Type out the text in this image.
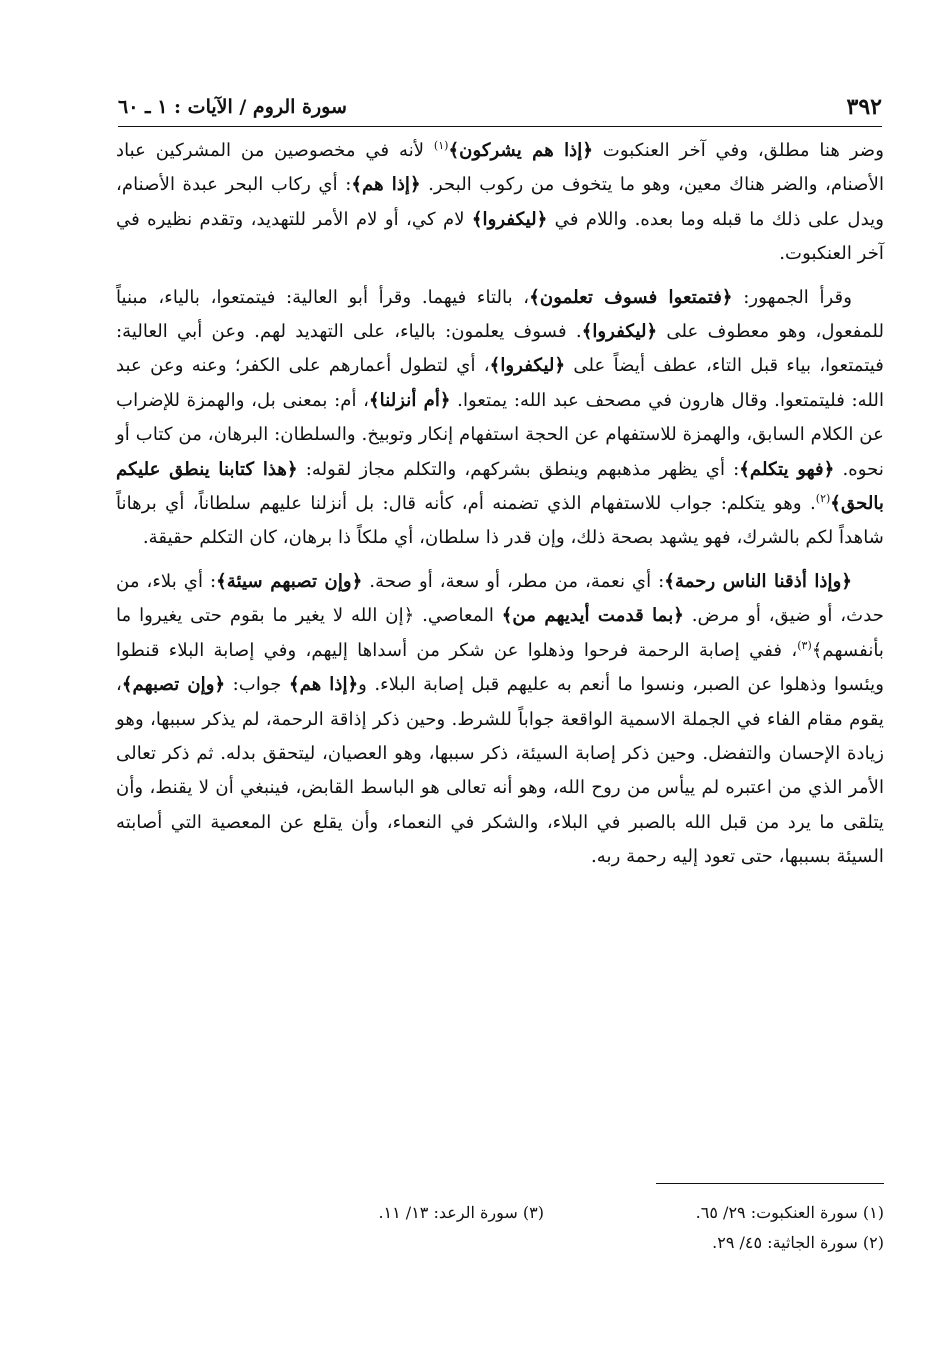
٣٩٢
سورة الروم / الآيات : ١ ـ ٦٠

وضر هنا مطلق، وفي آخر العنكبوت ﴿إذا هم يشركون﴾$^{(١)}$ لأنه في مخصوصين من المشركين عباد الأصنام، والضر هناك معين، وهو ما يتخوف من ركوب البحر. ﴿إذا هم﴾: أي ركاب البحر عبدة الأصنام، ويدل على ذلك ما قبله وما بعده. واللام في ﴿ليكفروا﴾ لام كي، أو لام الأمر للتهديد، وتقدم نظيره في آخر العنكبوت.

وقرأ الجمهور: ﴿فتمتعوا فسوف تعلمون﴾، بالتاء فيهما. وقرأ أبو العالية: فيتمتعوا، بالياء، مبنياً للمفعول، وهو معطوف على ﴿ليكفروا﴾. فسوف يعلمون: بالياء، على التهديد لهم. وعن أبي العالية: فيتمتعوا، بياء قبل التاء، عطف أيضاً على ﴿ليكفروا﴾، أي لتطول أعمارهم على الكفر؛ وعنه وعن عبد الله: فليتمتعوا. وقال هارون في مصحف عبد الله: يمتعوا. ﴿أم أنزلنا﴾، أم: بمعنى بل، والهمزة للإضراب عن الكلام السابق، والهمزة للاستفهام عن الحجة استفهام إنكار وتوبيخ. والسلطان: البرهان، من كتاب أو نحوه. ﴿فهو يتكلم﴾: أي يظهر مذهبهم وينطق بشركهم، والتكلم مجاز لقوله: ﴿هذا كتابنا ينطق عليكم بالحق﴾$^{(٢)}$. وهو يتكلم: جواب للاستفهام الذي تضمنه أم، كأنه قال: بل أنزلنا عليهم سلطاناً، أي برهاناً شاهداً لكم بالشرك، فهو يشهد بصحة ذلك، وإن قدر ذا سلطان، أي ملكاً ذا برهان، كان التكلم حقيقة.

﴿وإذا أذقنا الناس رحمة﴾: أي نعمة، من مطر، أو سعة، أو صحة. ﴿وإن تصبهم سيئة﴾: أي بلاء، من حدث، أو ضيق، أو مرض. ﴿بما قدمت أيديهم من﴾ المعاصي. ﴿إن الله لا يغير ما بقوم حتى يغيروا ما بأنفسهم﴾$^{(٣)}$، ففي إصابة الرحمة فرحوا وذهلوا عن شكر من أسداها إليهم، وفي إصابة البلاء قنطوا ويئسوا وذهلوا عن الصبر، ونسوا ما أنعم به عليهم قبل إصابة البلاء. و﴿إذا هم﴾ جواب: ﴿وإن تصبهم﴾، يقوم مقام الفاء في الجملة الاسمية الواقعة جواباً للشرط. وحين ذكر إذاقة الرحمة، لم يذكر سببها، وهو زيادة الإحسان والتفضل. وحين ذكر إصابة السيئة، ذكر سببها، وهو العصيان، ليتحقق بدله. ثم ذكر تعالى الأمر الذي من اعتبره لم ييأس من روح الله، وهو أنه تعالى هو الباسط القابض، فينبغي أن لا يقنط، وأن يتلقى ما يرد من قبل الله بالصبر في البلاء، والشكر في النعماء، وأن يقلع عن المعصية التي أصابته السيئة بسببها، حتى تعود إليه رحمة ربه.

(١) سورة العنكبوت: ٢٩/ ٦٥.
(٢) سورة الجاثية: ٤٥/ ٢٩.
(٣) سورة الرعد: ١٣/ ١١.
